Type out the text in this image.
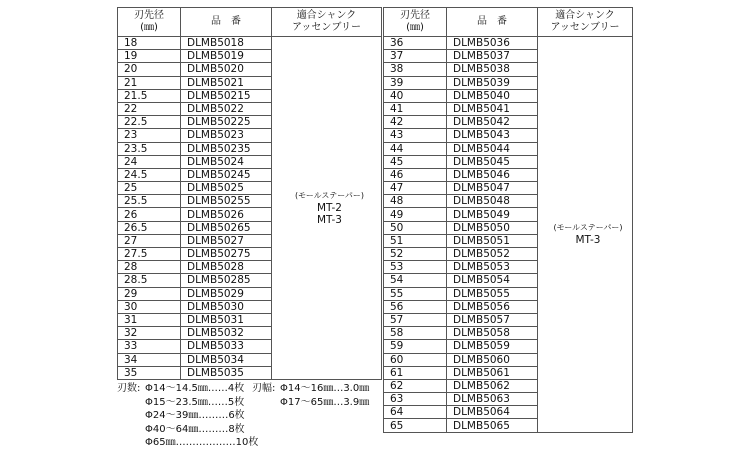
刃先径
(㎜)	品　番	適合シャンク
アッセンブリー
18	DLMB5018	(モールステーパー)
MT-2
MT-3

19	DLMB5019	
20	DLMB5020	
21	DLMB5021	
21.5	DLMB50215	
22	DLMB5022	
22.5	DLMB50225	
23	DLMB5023	
23.5	DLMB50235	
24	DLMB5024	
24.5	DLMB50245	
25	DLMB5025	
25.5	DLMB50255	
26	DLMB5026	
26.5	DLMB50265	
27	DLMB5027	
27.5	DLMB50275	
28	DLMB5028	
28.5	DLMB50285	
29	DLMB5029	
30	DLMB5030	
31	DLMB5031	
32	DLMB5032	
33	DLMB5033	
34	DLMB5034	
35	DLMB5035	
刃先径
(㎜)	品　番	適合シャンク
アッセンブリー
36	DLMB5036	(モールステーパー)
MT-3

37	DLMB5037	
38	DLMB5038	
39	DLMB5039	
40	DLMB5040	
41	DLMB5041	
42	DLMB5042	
43	DLMB5043	
44	DLMB5044	
45	DLMB5045	
46	DLMB5046	
47	DLMB5047	
48	DLMB5048	
49	DLMB5049	
50	DLMB5050	
51	DLMB5051	
52	DLMB5052	
53	DLMB5053	
54	DLMB5054	
55	DLMB5055	
56	DLMB5056	
57	DLMB5057	
58	DLMB5058	
59	DLMB5059	
60	DLMB5060	
61	DLMB5061	
62	DLMB5062	
63	DLMB5063	
64	DLMB5064	
65	DLMB5065	
刃数: Φ14〜14.5㎜……4枚
Φ15〜23.5㎜……5枚
Φ24〜39㎜………6枚
Φ40〜64㎜………8枚
Φ65㎜………………10枚
刃幅: Φ14〜16㎜…3.0㎜
Φ17〜65㎜…3.9㎜
